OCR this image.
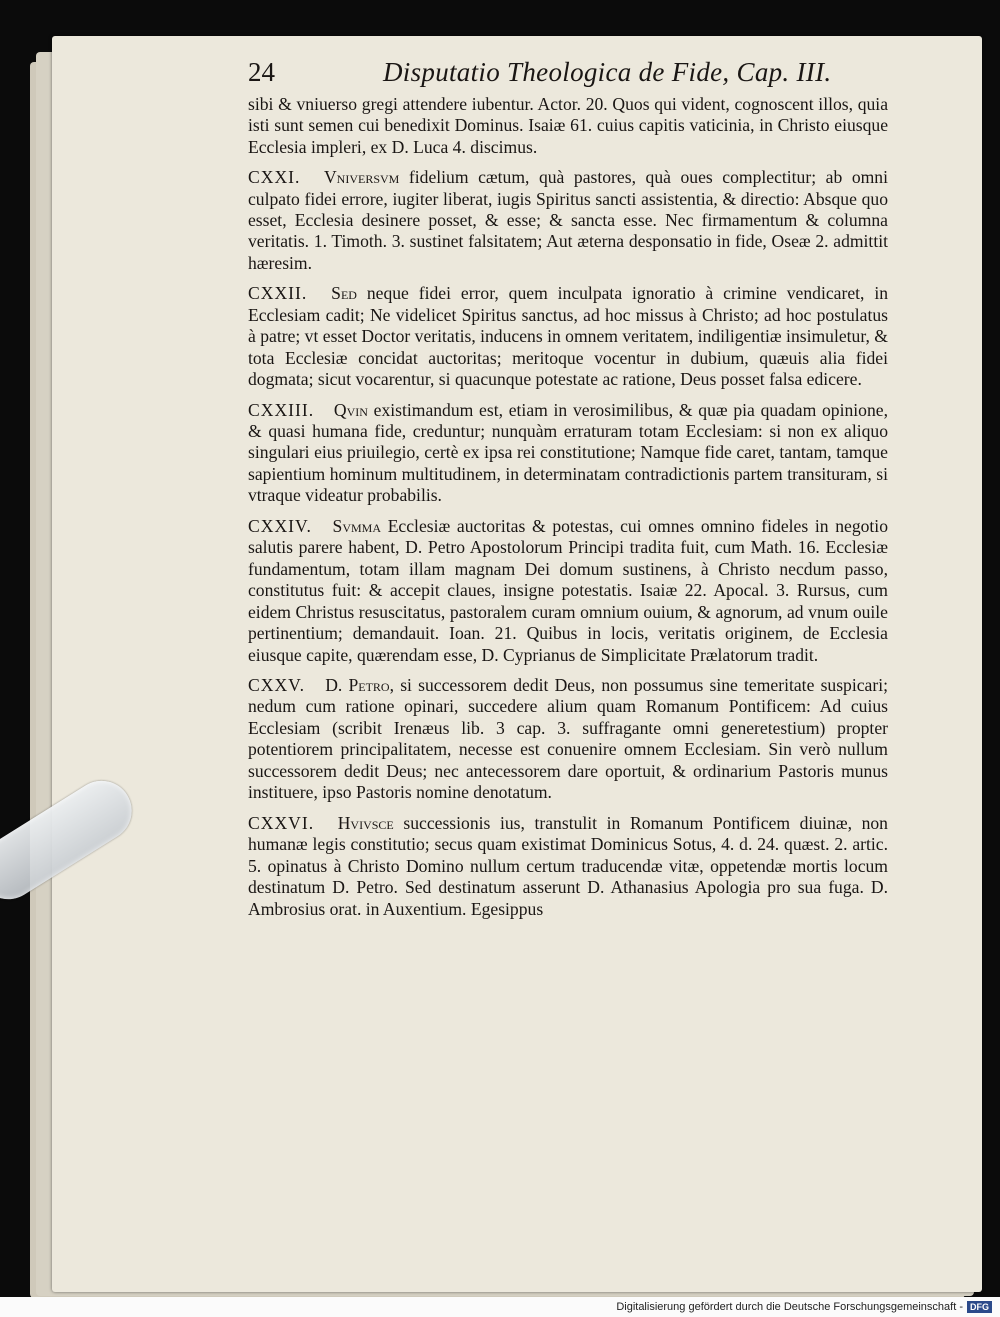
24	Disputatio Theologica de Fide, Cap. III.

sibi & vniuerso gregi attendere iubentur. Actor. 20. Quos qui vident, cognoscent illos, quia isti sunt semen cui benedixit Dominus. Isaiæ 61. cuius capitis vaticinia, in Christo eiusque Ecclesia impleri, ex D. Luca 4. discimus.

CXXI. Vniversvm fidelium cætum, quà pastores, quà oues complectitur; ab omni culpato fidei errore, iugiter liberat, iugis Spiritus sancti assistentia, & directio: Absque quo esset, Ecclesia desinere posset, & esse; & sancta esse. Nec firmamentum & columna veritatis. 1. Timoth. 3. sustinet falsitatem; Aut æterna desponsatio in fide, Oseæ 2. admittit hæresim.

CXXII. Sed neque fidei error, quem inculpata ignoratio à crimine vendicaret, in Ecclesiam cadit; Ne videlicet Spiritus sanctus, ad hoc missus à Christo; ad hoc postulatus à patre; vt esset Doctor veritatis, inducens in omnem veritatem, indiligentiæ insimuletur, & tota Ecclesiæ concidat auctoritas; meritoque vocentur in dubium, quæuis alia fidei dogmata; sicut vocarentur, si quacunque potestate ac ratione, Deus posset falsa edicere.

CXXIII. Qvin existimandum est, etiam in verosimilibus, & quæ pia quadam opinione, & quasi humana fide, creduntur; nunquàm erraturam totam Ecclesiam: si non ex aliquo singulari eius priuilegio, certè ex ipsa rei constitutione; Namque fide caret, tantam, tamque sapientium hominum multitudinem, in determinatam contradictionis partem transituram, si vtraque videatur probabilis.

CXXIV. Svmma Ecclesiæ auctoritas & potestas, cui omnes omnino fideles in negotio salutis parere habent, D. Petro Apostolorum Principi tradita fuit, cum Math. 16. Ecclesiæ fundamentum, totam illam magnam Dei domum sustinens, à Christo necdum passo, constitutus fuit: & accepit claues, insigne potestatis. Isaiæ 22. Apocal. 3. Rursus, cum eidem Christus resuscitatus, pastoralem curam omnium ouium, & agnorum, ad vnum ouile pertinentium; demandauit. Ioan. 21. Quibus in locis, veritatis originem, de Ecclesia eiusque capite, quærendam esse, D. Cyprianus de Simplicitate Prælatorum tradit.

CXXV. D. Petro, si successorem dedit Deus, non possumus sine temeritate suspicari; nedum cum ratione opinari, succedere alium quam Romanum Pontificem: Ad cuius Ecclesiam (scribit Irenæus lib. 3 cap. 3. suffragante omni generetestium) propter potentiorem principalitatem, necesse est conuenire omnem Ecclesiam. Sin verò nullum successorem dedit Deus; nec antecessorem dare oportuit, & ordinarium Pastoris munus instituere, ipso Pastoris nomine denotatum.

CXXVI. Hvivsce successionis ius, transtulit in Romanum Pontificem diuinæ, non humanæ legis constitutio; secus quam existimat Dominicus Sotus, 4. d. 24. quæst. 2. artic. 5. opinatus à Christo Domino nullum certum traducendæ vitæ, oppetendæ mortis locum destinatum D. Petro. Sed destinatum asserunt D. Athanasius Apologia pro sua fuga. D. Ambrosius orat. in Auxentium. Egesippus

Digitalisierung gefördert durch die Deutsche Forschungsgemeinschaft - DFG
